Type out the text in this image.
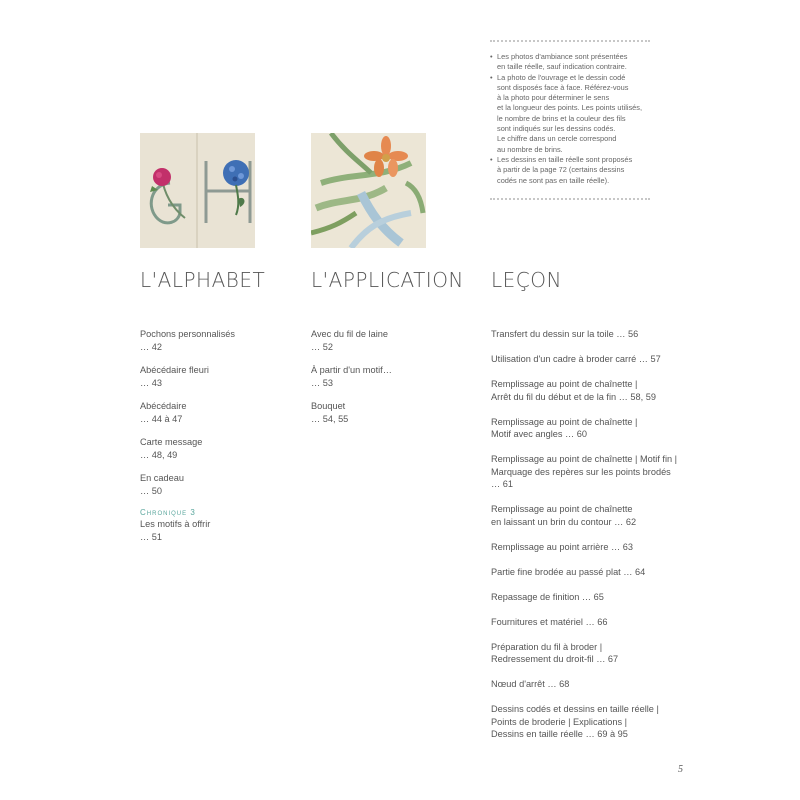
• Les photos d'ambiance sont présentées
en taille réelle, sauf indication contraire.
• La photo de l'ouvrage et le dessin codé
sont disposés face à face. Référez-vous
à la photo pour déterminer le sens
et la longueur des points. Les points utilisés,
le nombre de brins et la couleur des fils
sont indiqués sur les dessins codés.
Le chiffre dans un cercle correspond
au nombre de brins.
• Les dessins en taille réelle sont proposés
à partir de la page 72 (certains dessins
codés ne sont pas en taille réelle).
L'ALPHABET L'APPLICATION LEÇON
Pochons personnalisés
… 42
Abécédaire fleuri
… 43
Abécédaire
… 44 à 47
Carte message
… 48, 49
En cadeau
… 50
Chronique 3
Les motifs à offrir
… 51
Avec du fil de laine
… 52
À partir d'un motif…
… 53
Bouquet
… 54, 55
Transfert du dessin sur la toile … 56
Utilisation d'un cadre à broder carré … 57
Remplissage au point de chaînette |
Arrêt du fil du début et de la fin … 58, 59
Remplissage au point de chaînette |
Motif avec angles … 60
Remplissage au point de chaînette | Motif fin |
Marquage des repères sur les points brodés
… 61
Remplissage au point de chaînette
en laissant un brin du contour … 62
Remplissage au point arrière … 63
Partie fine brodée au passé plat … 64
Repassage de finition … 65
Fournitures et matériel … 66
Préparation du fil à broder |
Redressement du droit-fil … 67
Nœud d'arrêt … 68
Dessins codés et dessins en taille réelle |
Points de broderie | Explications |
Dessins en taille réelle … 69 à 95
5
